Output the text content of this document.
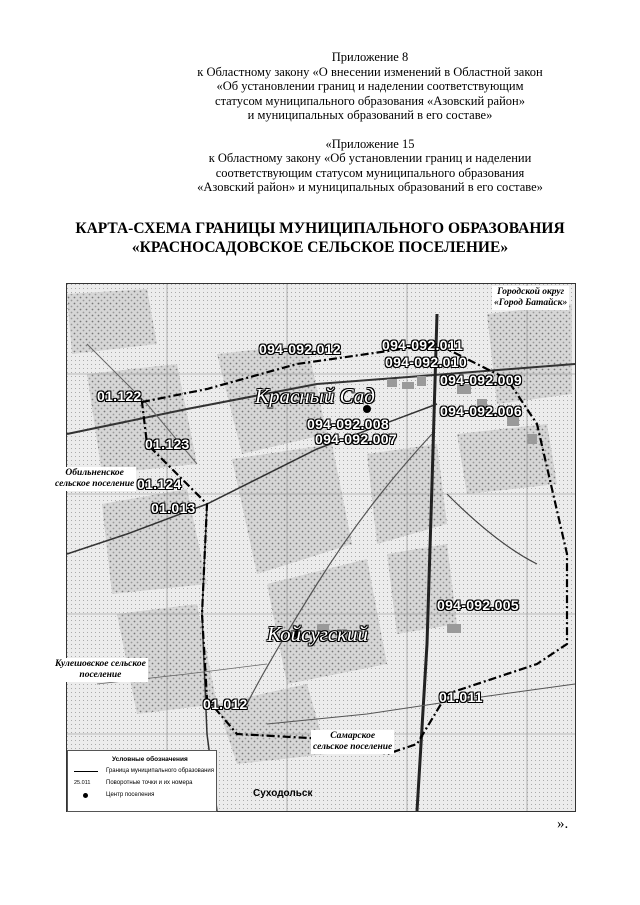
Приложение 8
к Областному закону «О внесении изменений в Областной закон
«Об установлении границ и наделении соответствующим
статусом муниципального образования «Азовский район»
и муниципальных образований в его составе»
«Приложение 15
к Областному закону «Об установлении границ и наделении
соответствующим статусом муниципального образования
«Азовский район» и муниципальных образований в его составе»
КАРТА-СХЕМА ГРАНИЦЫ МУНИЦИПАЛЬНОГО ОБРАЗОВАНИЯ
«КРАСНОСАДОВСКОЕ СЕЛЬСКОЕ ПОСЕЛЕНИЕ»
Городской округ
«Город Батайск»
Обильненское
сельское поселение
Кулешовское сельское
поселение
Самарское
сельское поселение
Красный Сад
Койсугский
094-092.012	094-092.011
094-092.010
094-092.009
094-092.006
094-092.008
094-092.007
094-092.005
01.122
01.123
01.124
01.013
01.012	01.011
Суходольск
Условные обозначения
Граница муниципального образования
25.011	Поворотные точки и их номера
Центр поселения
».
